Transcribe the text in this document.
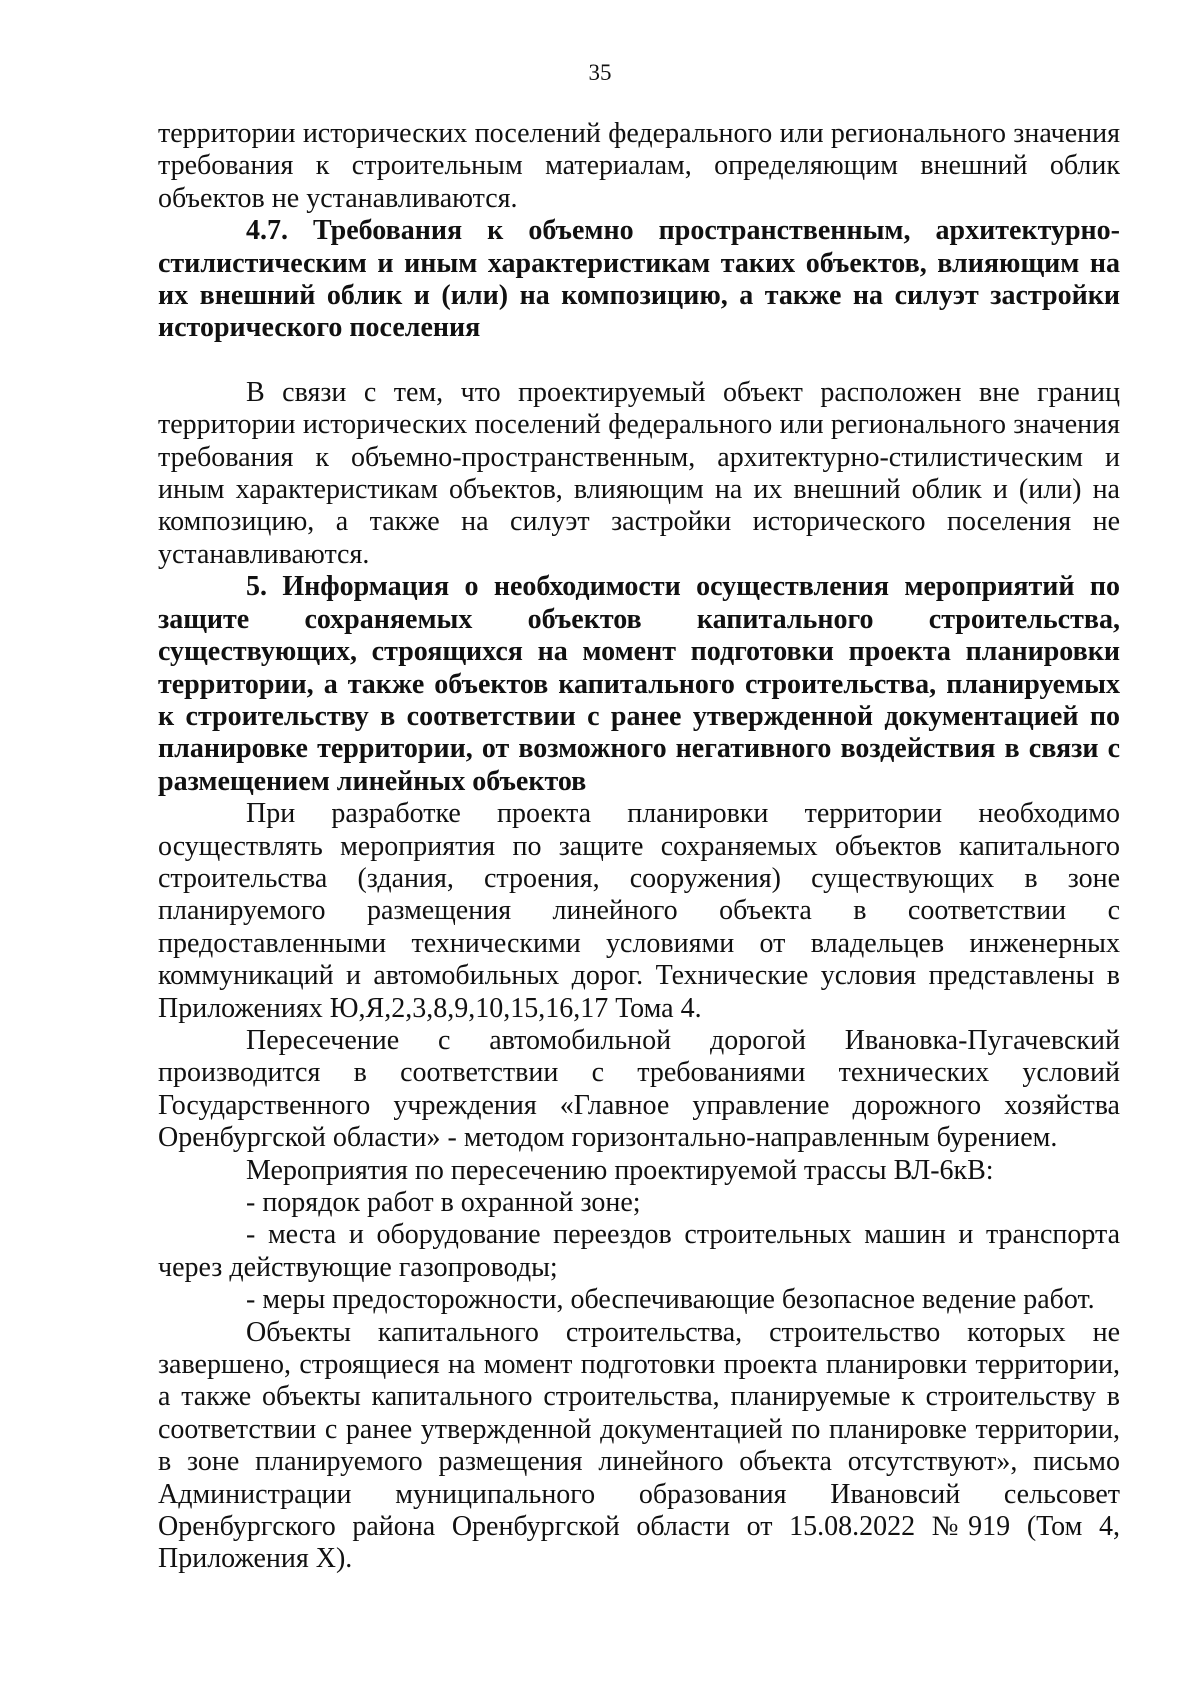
35

территории исторических поселений федерального или регионального значения требования к строительным материалам, определяющим внешний облик объектов не устанавливаются.

4.7. Требования к объемно пространственным, архитектурно-стилистическим и иным характеристикам таких объектов, влияющим на их внешний облик и (или) на композицию, а также на силуэт застройки исторического поселения

В связи с тем, что проектируемый объект расположен вне границ территории исторических поселений федерального или регионального значения требования к объемно-пространственным, архитектурно-стилистическим и иным характеристикам объектов, влияющим на их внешний облик и (или) на композицию, а также на силуэт застройки исторического поселения не устанавливаются.

5. Информация о необходимости осуществления мероприятий по защите сохраняемых объектов капитального строительства, существующих, строящихся на момент подготовки проекта планировки территории, а также объектов капитального строительства, планируемых к строительству в соответствии с ранее утвержденной документацией по планировке территории, от возможного негативного воздействия в связи с размещением линейных объектов

При разработке проекта планировки территории необходимо осуществлять мероприятия по защите сохраняемых объектов капитального строительства (здания, строения, сооружения) существующих в зоне планируемого размещения линейного объекта в соответствии с предоставленными техническими условиями от владельцев инженерных коммуникаций и автомобильных дорог. Технические условия представлены в Приложениях Ю,Я,2,3,8,9,10,15,16,17 Тома 4.

Пересечение с автомобильной дорогой Ивановка-Пугачевский производится в соответствии с требованиями технических условий Государственного учреждения «Главное управление дорожного хозяйства Оренбургской области» - методом горизонтально-направленным бурением.

Мероприятия по пересечению проектируемой трассы ВЛ-6кВ:

- порядок работ в охранной зоне;

- места и оборудование переездов строительных машин и транспорта через действующие газопроводы;

- меры предосторожности, обеспечивающие безопасное ведение работ.

Объекты капитального строительства, строительство которых не завершено, строящиеся на момент подготовки проекта планировки территории, а также объекты капитального строительства, планируемые к строительству в соответствии с ранее утвержденной документацией по планировке территории, в зоне планируемого размещения линейного объекта отсутствуют», письмо Администрации муниципального образования Ивановсий сельсовет Оренбургского района Оренбургской области от 15.08.2022 №919 (Том 4, Приложения Х).
